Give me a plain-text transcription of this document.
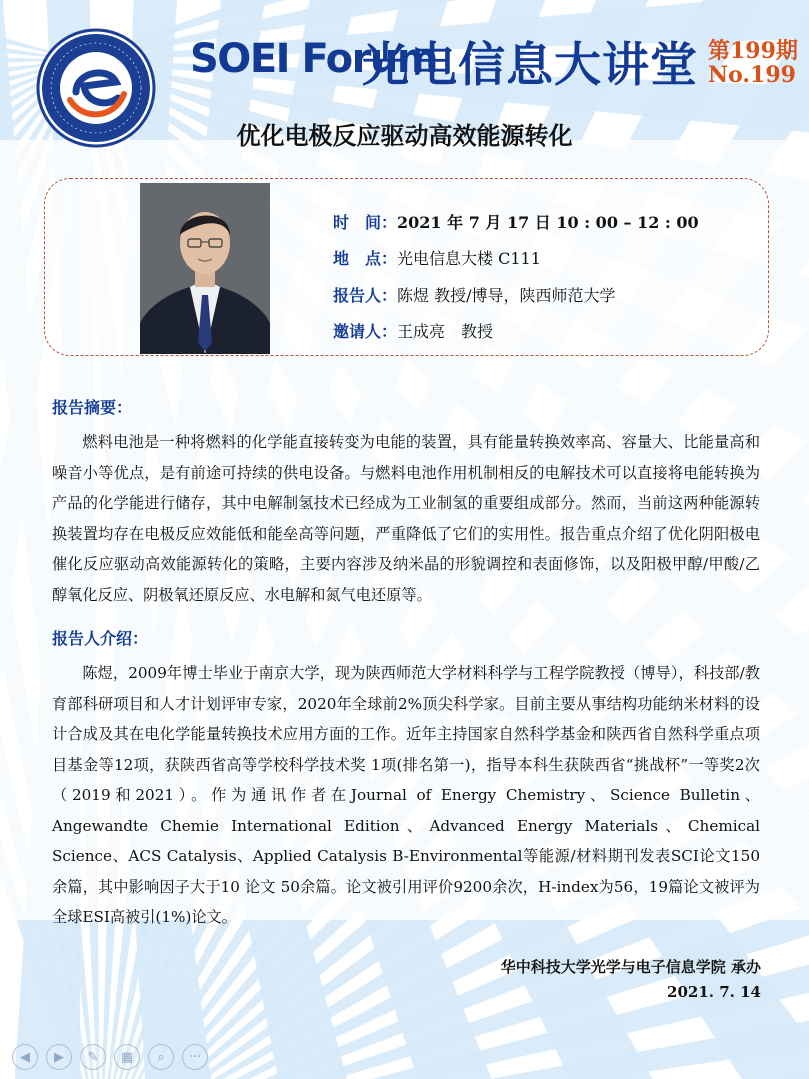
SOEI Forum
光电信息大讲堂 第199期
No.199
优化电极反应驱动高效能源转化
时　间：2021 年 7 月 17 日 10 : 00 – 12 : 00
地　点：光电信息大楼 C111
报告人：陈煜 教授/博导，陕西师范大学
邀请人：王成亮　教授
报告摘要：
燃料电池是一种将燃料的化学能直接转变为电能的装置，具有能量转换效率高、容量大、比能量高和噪音小等优点，是有前途可持续的供电设备。与燃料电池作用机制相反的电解技术可以直接将电能转换为产品的化学能进行储存，其中电解制氢技术已经成为工业制氢的重要组成部分。然而，当前这两种能源转换装置均存在电极反应效能低和能垒高等问题，严重降低了它们的实用性。报告重点介绍了优化阴阳极电催化反应驱动高效能源转化的策略，主要内容涉及纳米晶的形貌调控和表面修饰，以及阳极甲醇/甲酸/乙醇氧化反应、阴极氧还原反应、水电解和氮气电还原等。
报告人介绍：
陈煜，2009年博士毕业于南京大学，现为陕西师范大学材料科学与工程学院教授（博导），科技部/教育部科研项目和人才计划评审专家，2020年全球前2%顶尖科学家。目前主要从事结构功能纳米材料的设计合成及其在电化学能量转换技术应用方面的工作。近年主持国家自然科学基金和陕西省自然科学重点项目基金等12项，获陕西省高等学校科学技术奖 1项(排名第一)，指导本科生获陕西省“挑战杯”一等奖2次（2019和2021）。作为通讯作者在Journal of Energy Chemistry、Science Bulletin、 Angewandte Chemie International Edition、Advanced Energy Materials、Chemical Science、ACS Catalysis、Applied Catalysis B-Environmental等能源/材料期刊发表SCI论文150余篇，其中影响因子大于10 论文 50余篇。论文被引用评价9200余次，H-index为56，19篇论文被评为全球ESI高被引(1%)论文。
华中科技大学光学与电子信息学院 承办
2021. 7. 14
◀	▶	✎	▦	⌕	···
